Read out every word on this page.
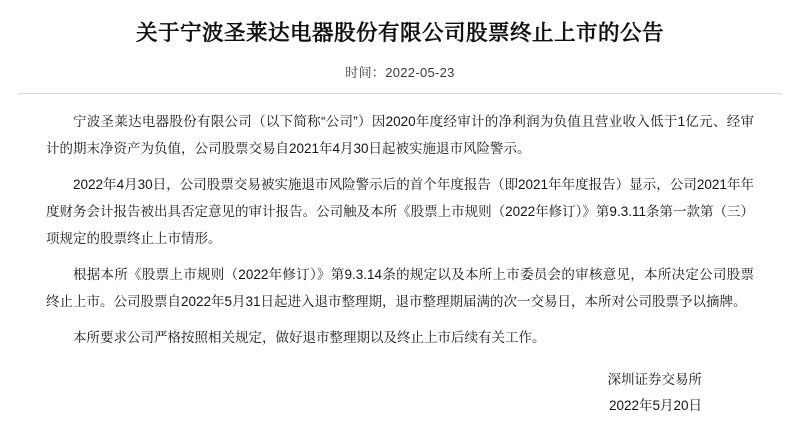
关于宁波圣莱达电器股份有限公司股票终止上市的公告
时间：2022-05-23

宁波圣莱达电器股份有限公司（以下简称“公司”）因2020年度经审计的净利润为负值且营业收入低于1亿元、经审计的期末净资产为负值，公司股票交易自2021年4月30日起被实施退市风险警示。

2022年4月30日，公司股票交易被实施退市风险警示后的首个年度报告（即2021年年度报告）显示，公司2021年年度财务会计报告被出具否定意见的审计报告。公司触及本所《股票上市规则（2022年修订）》第9.3.11条第一款第（三）项规定的股票终止上市情形。

根据本所《股票上市规则（2022年修订）》第9.3.14条的规定以及本所上市委员会的审核意见，本所决定公司股票终止上市。公司股票自2022年5月31日起进入退市整理期，退市整理期届满的次一交易日，本所对公司股票予以摘牌。

本所要求公司严格按照相关规定，做好退市整理期以及终止上市后续有关工作。

深圳证券交易所
2022年5月20日
